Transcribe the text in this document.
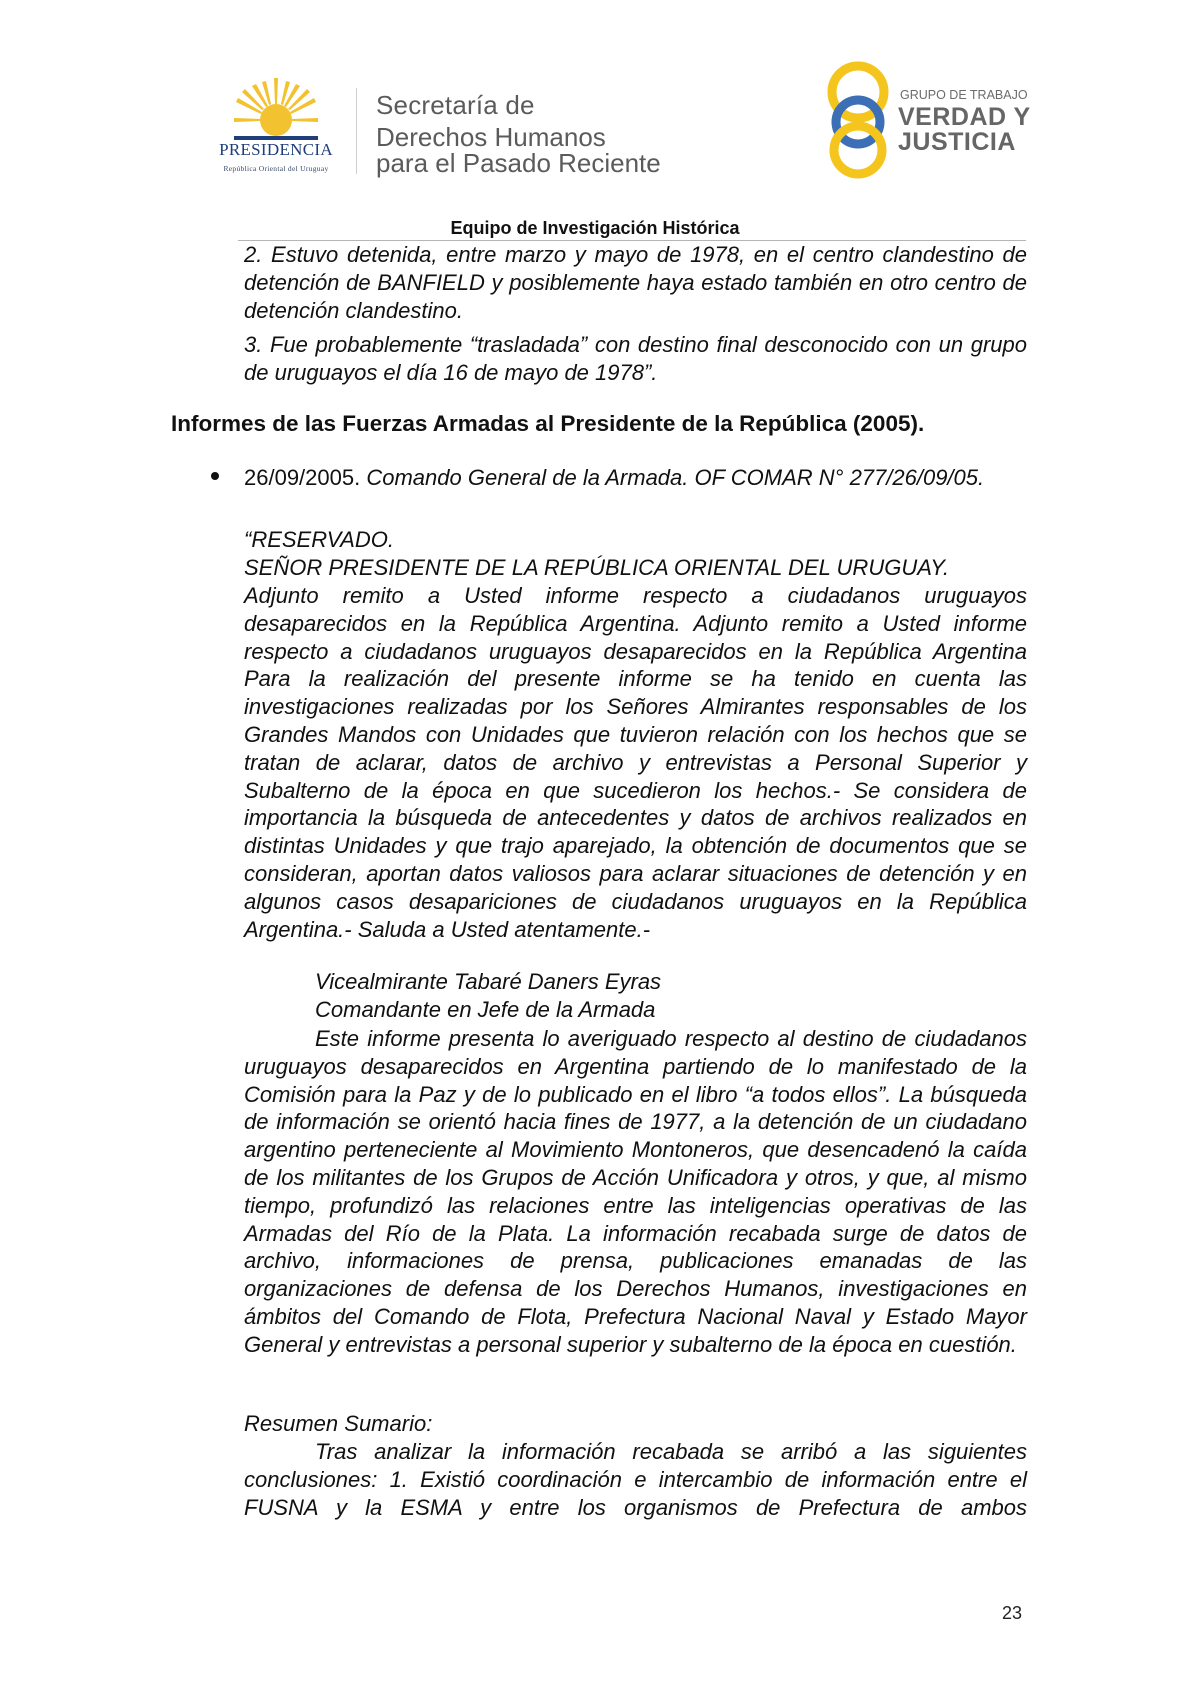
PRESIDENCIA
República Oriental del Uruguay
Secretaría de
Derechos Humanos
para el Pasado Reciente
GRUPO DE TRABAJO
VERDAD Y
JUSTICIA
Equipo de Investigación Histórica
2. Estuvo detenida, entre marzo y mayo de 1978, en el centro clandestino de detención de BANFIELD y posiblemente haya estado también en otro centro de detención clandestino.
3. Fue probablemente “trasladada” con destino final desconocido con un grupo de uruguayos el día 16 de mayo de 1978”.
Informes de las Fuerzas Armadas al Presidente de la República (2005).
26/09/2005. Comando General de la Armada. OF COMAR N° 277/26/09/05.
“RESERVADO.
SEÑOR PRESIDENTE DE LA REPÚBLICA ORIENTAL DEL URUGUAY.
Adjunto remito a Usted informe respecto a ciudadanos uruguayos desaparecidos en la República Argentina. Adjunto remito a Usted informe respecto a ciudadanos uruguayos desaparecidos en la República Argentina Para la realización del presente informe se ha tenido en cuenta las investigaciones realizadas por los Señores Almirantes responsables de los Grandes Mandos con Unidades que tuvieron relación con los hechos que se tratan de aclarar, datos de archivo y entrevistas a Personal Superior y Subalterno de la época en que sucedieron los hechos.- Se considera de importancia la búsqueda de antecedentes y datos de archivos realizados en distintas Unidades y que trajo aparejado, la obtención de documentos que se consideran, aportan datos valiosos para aclarar situaciones de detención y en algunos casos desapariciones de ciudadanos uruguayos en la República Argentina.- Saluda a Usted atentamente.-
Vicealmirante Tabaré Daners Eyras
Comandante en Jefe de la Armada
Este informe presenta lo averiguado respecto al destino de ciudadanos uruguayos desaparecidos en Argentina partiendo de lo manifestado de la Comisión para la Paz y de lo publicado en el libro “a todos ellos”. La búsqueda de información se orientó hacia fines de 1977, a la detención de un ciudadano argentino perteneciente al Movimiento Montoneros, que desencadenó la caída de los militantes de los Grupos de Acción Unificadora y otros, y que, al mismo tiempo, profundizó las relaciones entre las inteligencias operativas de las Armadas del Río de la Plata. La información recabada surge de datos de archivo, informaciones de prensa, publicaciones emanadas de las organizaciones de defensa de los Derechos Humanos, investigaciones en ámbitos del Comando de Flota, Prefectura Nacional Naval y Estado Mayor General y entrevistas a personal superior y subalterno de la época en cuestión.
Resumen Sumario:
Tras analizar la información recabada se arribó a las siguientes conclusiones: 1. Existió coordinación e intercambio de información entre el FUSNA y la ESMA y entre los organismos de Prefectura de ambos
23
